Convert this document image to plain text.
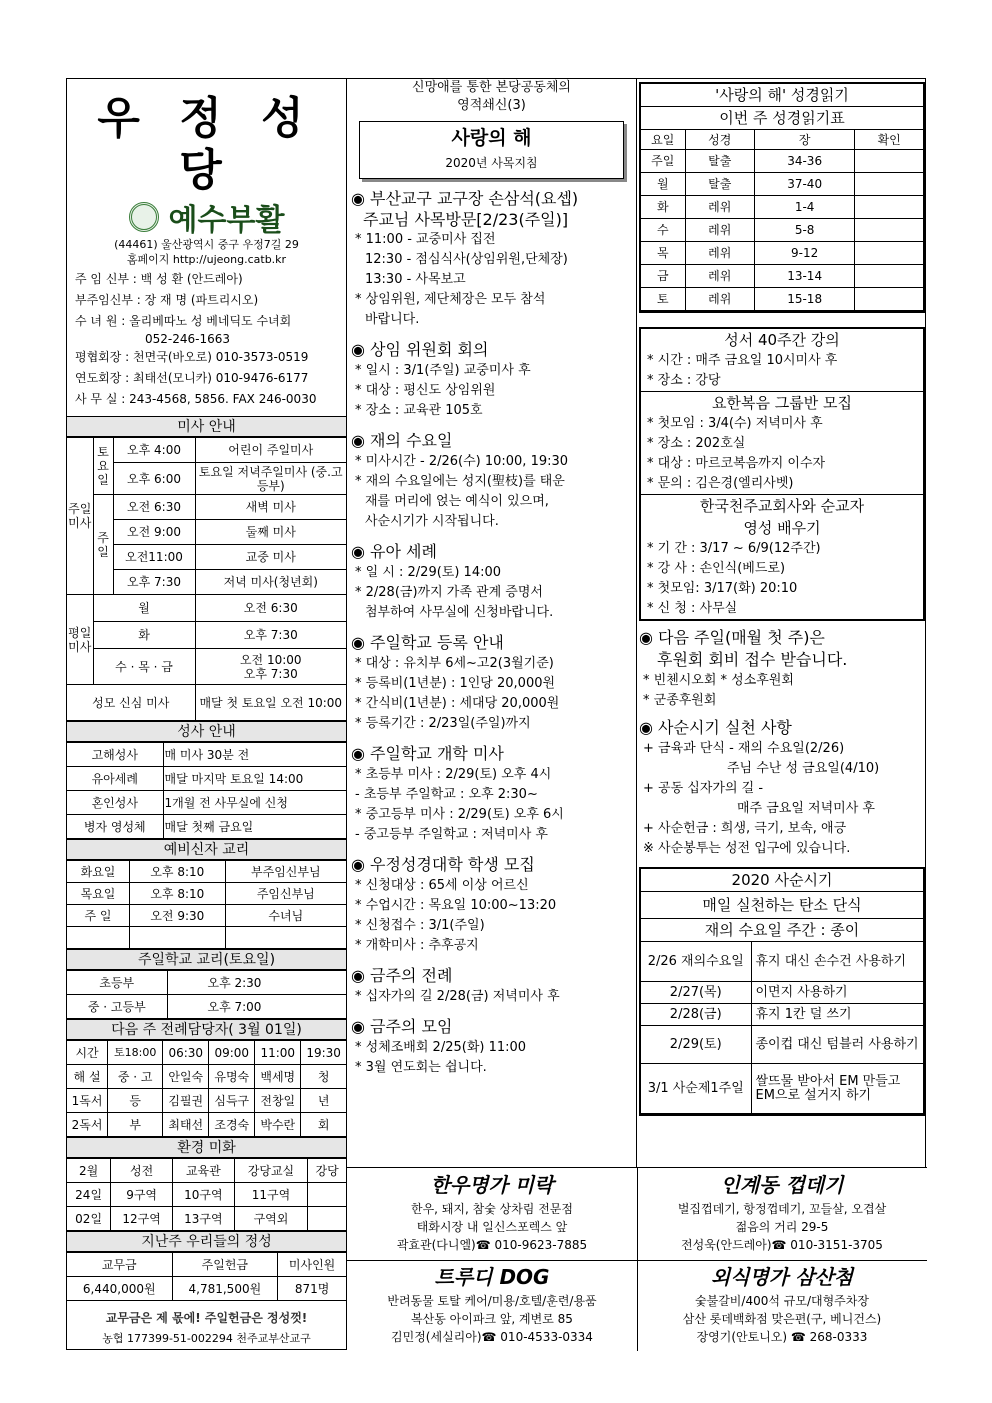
우 정 성 당
예수부활
(44461) 울산광역시 중구 우정7길 29
홈페이지 http://ujeong.catb.kr
주 임 신부 : 백 성 환 (안드레아)
부주임신부 : 장 재 명 (파트리시오)
수 녀 원 : 올리베따노 성 베네딕도 수녀회
052-246-1663
평협회장 : 천면국(바오로) 010-3573-0519
연도회장 : 최태선(모니카) 010-9476-6177
사 무 실 : 243-4568, 5856. FAX 246-0030
미사 안내
주일미사	토요일	오후 4:00	어린이 주일미사
		오후 6:00	토요일 저녁주일미사 (중.고등부)
	주일	오전 6:30	새벽 미사
		오전 9:00	둘째 미사
		오전11:00	교중 미사
		오후 7:30	저녁 미사(청년회)
평일미사	월		오전 6:30
	화		오후 7:30
	수 · 목 · 금		오전 10:00
오후 7:30
성모 신심 미사			매달 첫 토요일 오전 10:00
성사 안내
고해성사	매 미사 30분 전
유아세례	매달 마지막 토요일 14:00
혼인성사	1개월 전 사무실에 신청
병자 영성체	매달 첫째 금요일
예비신자 교리
화요일	오후 8:10	부주임신부님
목요일	오후 8:10	주임신부님
주 일	오전 9:30	수녀님

주일학교 교리(토요일)
초등부	오후 2:30
중 · 고등부	오후 7:00
다음 주 전례담당자( 3월 01일)
시간	토18:00	06:30	09:00	11:00	19:30
해 설	중 · 고	안일숙	유명숙	백세명	청
1독서	등	김필권	심득구	전창일	년
2독서	부	최태선	조경숙	박수란	회
환경 미화
2월	성전	교육관	강당교실	강당
24일	9구역	10구역	11구역	
02일	12구역	13구역	구역외	
지난주 우리들의 정성
교무금	주일헌금	미사인원
6,440,000원	4,781,500원	871명
교무금은 제 몫에! 주일헌금은 정성껏!
농협 177399-51-002294 천주교부산교구
신망애를 통한 본당공동체의
영적쇄신(3)
사랑의 해
2020년 사목지침
◉ 부산교구 교구장 손삼석(요셉)
주교님 사목방문[2/23(주일)]
* 11:00 - 교중미사 집전
12:30 - 점심식사(상임위원,단체장)
13:30 - 사목보고
* 상임위원, 제단체장은 모두 참석
바랍니다.
◉ 상임 위원회 회의
* 일시 : 3/1(주일) 교중미사 후
* 대상 : 평신도 상임위원
* 장소 : 교육관 105호
◉ 재의 수요일
* 미사시간 - 2/26(수) 10:00, 19:30
* 재의 수요일에는 성지(聖枝)를 태운
재를 머리에 얹는 예식이 있으며,
사순시기가 시작됩니다.
◉ 유아 세례
* 일 시 : 2/29(토) 14:00
* 2/28(금)까지 가족 관계 증명서
첨부하여 사무실에 신청바랍니다.
◉ 주일학교 등록 안내
* 대상 : 유치부 6세~고2(3월기준)
* 등록비(1년분) : 1인당 20,000원
* 간식비(1년분) : 세대당 20,000원
* 등록기간 : 2/23일(주일)까지
◉ 주일학교 개학 미사
* 초등부 미사 : 2/29(토) 오후 4시
- 초등부 주일학교 : 오후 2:30~
* 중고등부 미사 : 2/29(토) 오후 6시
- 중고등부 주일학교 : 저녁미사 후
◉ 우정성경대학 학생 모집
* 신청대상 : 65세 이상 어르신
* 수업시간 : 목요일 10:00~13:20
* 신청접수 : 3/1(주일)
* 개학미사 : 추후공지
◉ 금주의 전례
* 십자가의 길 2/28(금) 저녁미사 후
◉ 금주의 모임
* 성체조배회 2/25(화) 11:00
* 3월 연도회는 쉽니다.
'사랑의 해' 성경읽기
이번 주 성경읽기표
요일	성경	장	확인
주일	탈출	34-36	
월	탈출	37-40	
화	레위	1-4	
수	레위	5-8	
목	레위	9-12	
금	레위	13-14	
토	레위	15-18	
성서 40주간 강의
* 시간 : 매주 금요일 10시미사 후
* 장소 : 강당
요한복음 그룹반 모집
* 첫모임 : 3/4(수) 저녁미사 후
* 장소 : 202호실
* 대상 : 마르코복음까지 이수자
* 문의 : 김은경(엘리사벳)
한국천주교회사와 순교자
영성 배우기
* 기 간 : 3/17 ~ 6/9(12주간)
* 강 사 : 손인식(베드로)
* 첫모임: 3/17(화) 20:10
* 신 청 : 사무실
◉ 다음 주일(매월 첫 주)은
후원회 회비 접수 받습니다.
* 빈첸시오회 * 성소후원회
* 군종후원회
◉ 사순시기 실천 사항
+ 금육과 단식 - 재의 수요일(2/26)
주님 수난 성 금요일(4/10)
+ 공동 십자가의 길 -
매주 금요일 저녁미사 후
+ 사순헌금 : 희생, 극기, 보속, 애긍
※ 사순봉투는 성전 입구에 있습니다.
2020 사순시기
매일 실천하는 탄소 단식
재의 수요일 주간 : 종이
2/26 재의수요일	휴지 대신 손수건 사용하기
2/27(목)	이면지 사용하기
2/28(금)	휴지 1칸 덜 쓰기
2/29(토)	종이컵 대신 텀블러 사용하기
3/1 사순제1주일	쌀뜨물 받아서 EM 만들고 EM으로 설거지 하기
한우명가 미락
한우, 돼지, 참숯 상차림 전문점
태화시장 내 일신스포렉스 앞
곽효관(다니엘)☎ 010-9623-7885
인계동 껍데기
벌집껍데기, 항정껍데기, 꼬들살, 오겹살
젊음의 거리 29-5
전성욱(안드레아)☎ 010-3151-3705
트루디 DOG
반려동물 토탈 케어/미용/호텔/훈련/용품
복산동 아이파크 앞, 계변로 85
김민정(세실리아)☎ 010-4533-0334
외식명가 삼산첨
숯불갈비/400석 규모/대형주차장
삼산 롯데백화점 맞은편(구, 베니건스)
장영기(안토니오) ☎ 268-0333
